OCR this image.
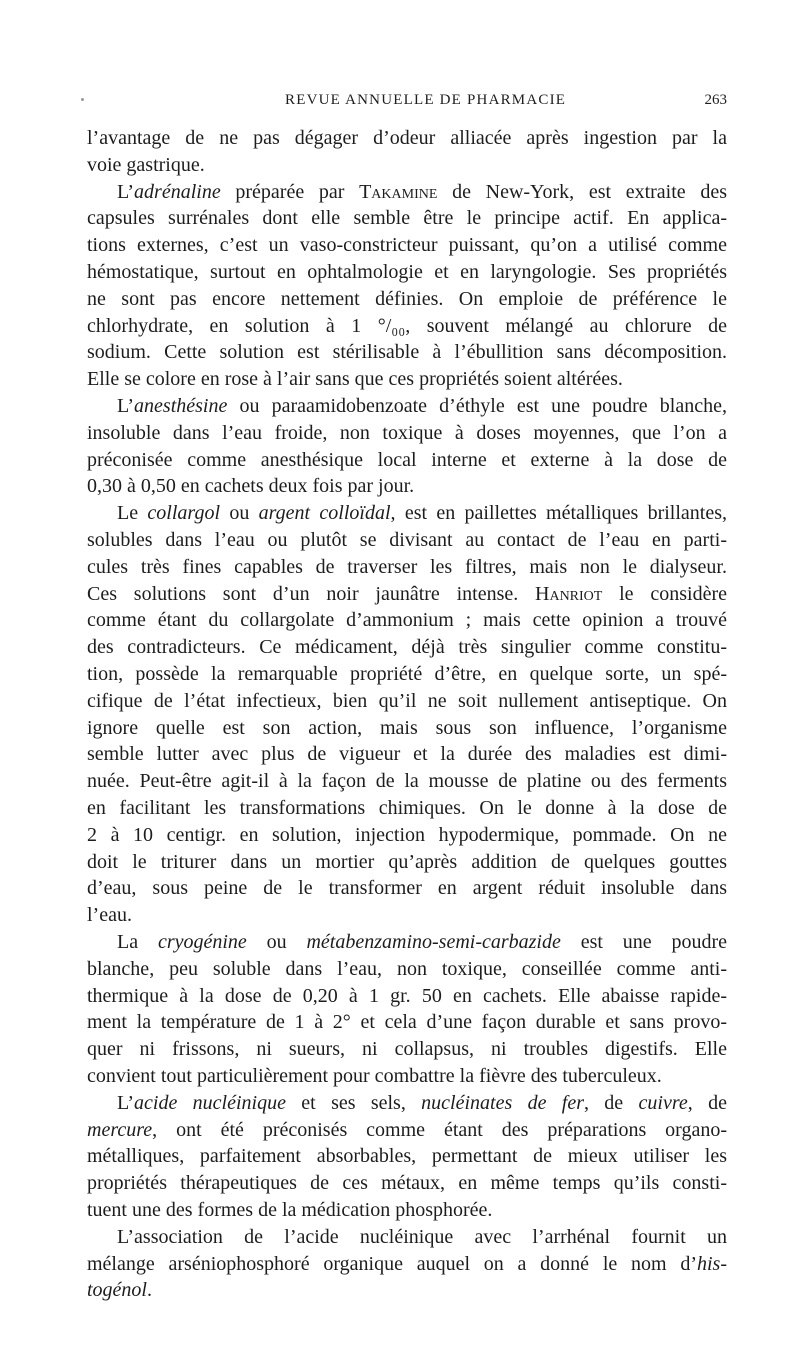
REVUE ANNUELLE DE PHARMACIE	263
l’avantage de ne pas dégager d’odeur alliacée après ingestion par la
voie gastrique.
L’adrénaline préparée par Takamine de New-York, est extraite des
capsules surrénales dont elle semble être le principe actif. En applica-
tions externes, c’est un vaso-constricteur puissant, qu’on a utilisé comme
hémostatique, surtout en ophtalmologie et en laryngologie. Ses propriétés
ne sont pas encore nettement définies. On emploie de préférence le
chlorhydrate, en solution à 1 °/₀₀, souvent mélangé au chlorure de
sodium. Cette solution est stérilisable à l’ébullition sans décomposition.
Elle se colore en rose à l’air sans que ces propriétés soient altérées.
L’anesthésine ou paraamidobenzoate d’éthyle est une poudre blanche,
insoluble dans l’eau froide, non toxique à doses moyennes, que l’on a
préconisée comme anesthésique local interne et externe à la dose de
0,30 à 0,50 en cachets deux fois par jour.
Le collargol ou argent colloïdal, est en paillettes métalliques brillantes,
solubles dans l’eau ou plutôt se divisant au contact de l’eau en parti-
cules très fines capables de traverser les filtres, mais non le dialyseur.
Ces solutions sont d’un noir jaunâtre intense. Hanriot le considère
comme étant du collargolate d’ammonium ; mais cette opinion a trouvé
des contradicteurs. Ce médicament, déjà très singulier comme constitu-
tion, possède la remarquable propriété d’être, en quelque sorte, un spé-
cifique de l’état infectieux, bien qu’il ne soit nullement antiseptique. On
ignore quelle est son action, mais sous son influence, l’organisme
semble lutter avec plus de vigueur et la durée des maladies est dimi-
nuée. Peut-être agit-il à la façon de la mousse de platine ou des ferments
en facilitant les transformations chimiques. On le donne à la dose de
2 à 10 centigr. en solution, injection hypodermique, pommade. On ne
doit le triturer dans un mortier qu’après addition de quelques gouttes
d’eau, sous peine de le transformer en argent réduit insoluble dans
l’eau.
La cryogénine ou métabenzamino-semi-carbazide est une poudre
blanche, peu soluble dans l’eau, non toxique, conseillée comme anti-
thermique à la dose de 0,20 à 1 gr. 50 en cachets. Elle abaisse rapide-
ment la température de 1 à 2° et cela d’une façon durable et sans provo-
quer ni frissons, ni sueurs, ni collapsus, ni troubles digestifs. Elle
convient tout particulièrement pour combattre la fièvre des tuberculeux.
L’acide nucléinique et ses sels, nucléinates de fer, de cuivre, de
mercure, ont été préconisés comme étant des préparations organo-
métalliques, parfaitement absorbables, permettant de mieux utiliser les
propriétés thérapeutiques de ces métaux, en même temps qu’ils consti-
tuent une des formes de la médication phosphorée.
L’association de l’acide nucléinique avec l’arrhénal fournit un
mélange arséniophosphoré organique auquel on a donné le nom d’his-
togénol.
